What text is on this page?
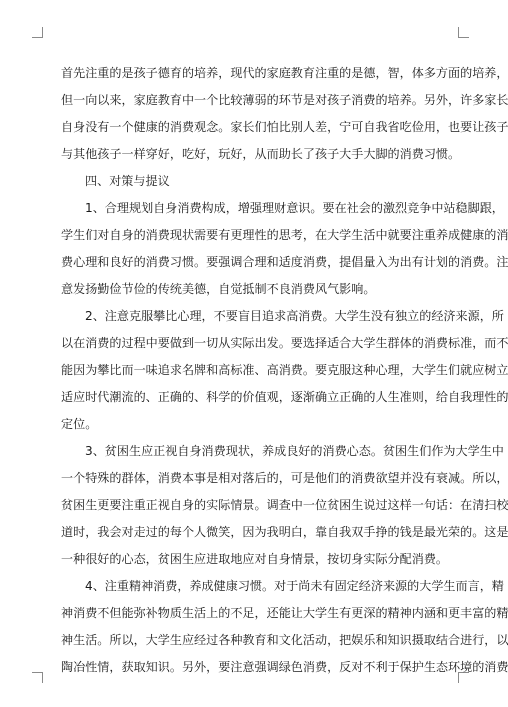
首先注重的是孩子德育的培养，现代的家庭教育注重的是德，智，体多方面的培养，
但一向以来，家庭教育中一个比较薄弱的环节是对孩子消费的培养。另外，许多家长
自身没有一个健康的消费观念。家长们怕比别人差，宁可自我省吃俭用，也要让孩子
与其他孩子一样穿好，吃好，玩好，从而助长了孩子大手大脚的消费习惯。
四、对策与提议
1、合理规划自身消费构成，增强理财意识。要在社会的激烈竞争中站稳脚跟，
学生们对自身的消费现状需要有更理性的思考，在大学生活中就要注重养成健康的消
费心理和良好的消费习惯。要强调合理和适度消费，提倡量入为出有计划的消费。注
意发扬勤俭节俭的传统美德，自觉抵制不良消费风气影响。
2、注意克服攀比心理，不要盲目追求高消费。大学生没有独立的经济来源，所
以在消费的过程中要做到一切从实际出发。要选择适合大学生群体的消费标准，而不
能因为攀比而一味追求名牌和高标准、高消费。要克服这种心理，大学生们就应树立
适应时代潮流的、正确的、科学的价值观，逐渐确立正确的人生准则，给自我理性的
定位。
3、贫困生应正视自身消费现状，养成良好的消费心态。贫困生们作为大学生中
一个特殊的群体，消费本事是相对落后的，可是他们的消费欲望并没有衰减。所以，
贫困生更要注重正视自身的实际情景。调查中一位贫困生说过这样一句话：在清扫校
道时，我会对走过的每个人微笑，因为我明白，靠自我双手挣的钱是最光荣的。这是
一种很好的心态，贫困生应进取地应对自身情景，按切身实际分配消费。
4、注重精神消费，养成健康习惯。对于尚未有固定经济来源的大学生而言，精
神消费不但能弥补物质生活上的不足，还能让大学生有更深的精神内涵和更丰富的精
神生活。所以，大学生应经过各种教育和文化活动，把娱乐和知识摄取结合进行，以
陶冶性情，获取知识。另外，要注意强调绿色消费，反对不利于保护生态环境的消费
